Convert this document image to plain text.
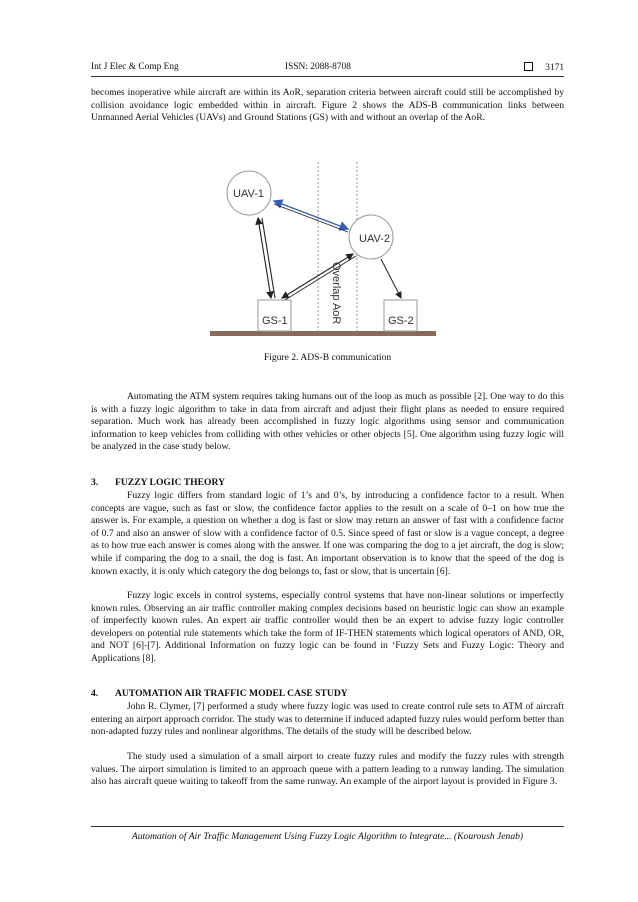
Int J Elec & Comp Eng	ISSN: 2088-8708	3171

becomes inoperative while aircraft are within its AoR, separation criteria between aircraft could still be accomplished by collision avoidance logic embedded within in aircraft. Figure 2 shows the ADS-B communication links between Unmanned Aerial Vehicles (UAVs) and Ground Stations (GS) with and without an overlap of the AoR.

UAV-1
UAV-2
GS-1	GS-2
Overlap AoR

Figure 2. ADS-B communication

Automating the ATM system requires taking humans out of the loop as much as possible [2]. One way to do this is with a fuzzy logic algorithm to take in data from aircraft and adjust their flight plans as needed to ensure required separation. Much work has already been accomplished in fuzzy logic algorithms using sensor and communication information to keep vehicles from colliding with other vehicles or other objects [5]. One algorithm using fuzzy logic will be analyzed in the case study below.

3. FUZZY LOGIC THEORY

Fuzzy logic differs from standard logic of 1’s and 0’s, by introducing a confidence factor to a result. When concepts are vague, such as fast or slow, the confidence factor applies to the result on a scale of 0–1 on how true the answer is. For example, a question on whether a dog is fast or slow may return an answer of fast with a confidence factor of 0.7 and also an answer of slow with a confidence factor of 0.5. Since speed of fast or slow is a vague concept, a degree as to how true each answer is comes along with the answer. If one was comparing the dog to a jet aircraft, the dog is slow; while if comparing the dog to a snail, the dog is fast. An important observation is to know that the speed of the dog is known exactly, it is only which category the dog belongs to, fast or slow, that is uncertain [6].

Fuzzy logic excels in control systems, especially control systems that have non-linear solutions or imperfectly known rules. Observing an air traffic controller making complex decisions based on heuristic logic can show an example of imperfectly known rules. An expert air traffic controller would then be an expert to advise fuzzy logic controller developers on potential rule statements which take the form of IF-THEN statements which logical operators of AND, OR, and NOT [6]-[7]. Additional Information on fuzzy logic can be found in ‘Fuzzy Sets and Fuzzy Logic: Theory and Applications [8].

4. AUTOMATION AIR TRAFFIC MODEL CASE STUDY

John R. Clymer, [7] performed a study where fuzzy logic was used to create control rule sets to ATM of aircraft entering an airport approach corridor. The study was to determine if induced adapted fuzzy rules would perform better than non-adapted fuzzy rules and nonlinear algorithms. The details of the study will be described below.

The study used a simulation of a small airport to create fuzzy rules and modify the fuzzy rules with strength values. The airport simulation is limited to an approach queue with a pattern leading to a runway landing. The simulation also has aircraft queue waiting to takeoff from the same runway. An example of the airport layout is provided in Figure 3.

Automation of Air Traffic Management Using Fuzzy Logic Algorithm to Integrate... (Kouroush Jenab)
